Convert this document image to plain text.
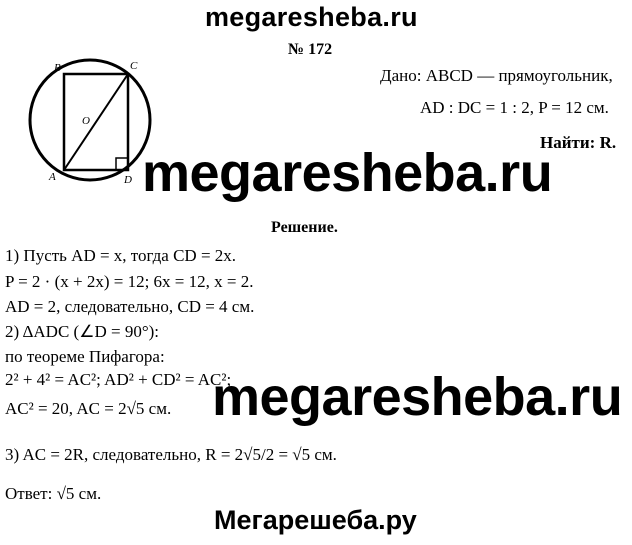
megaresheba.ru
№ 172
B	C
O
A	D
Дано: ABCD — прямоугольник,
AD : DC = 1 : 2, P = 12 см.
Найти: R.
megaresheba.ru
Решение.
1) Пусть AD = x, тогда CD = 2x.
P = 2 · (x + 2x) = 12; 6x = 12, x = 2.
AD = 2, следовательно, CD = 4 см.
2) ΔADC (∠D = 90°):
по теореме Пифагора:
2² + 4² = AC²; AD² + CD² = AC²;
AC² = 20, AC = 2√5 см. megaresheba.ru
3) AC = 2R, следовательно, R = 2√5/2 = √5 см.
Ответ: √5 см.
Мегарешеба.ру
